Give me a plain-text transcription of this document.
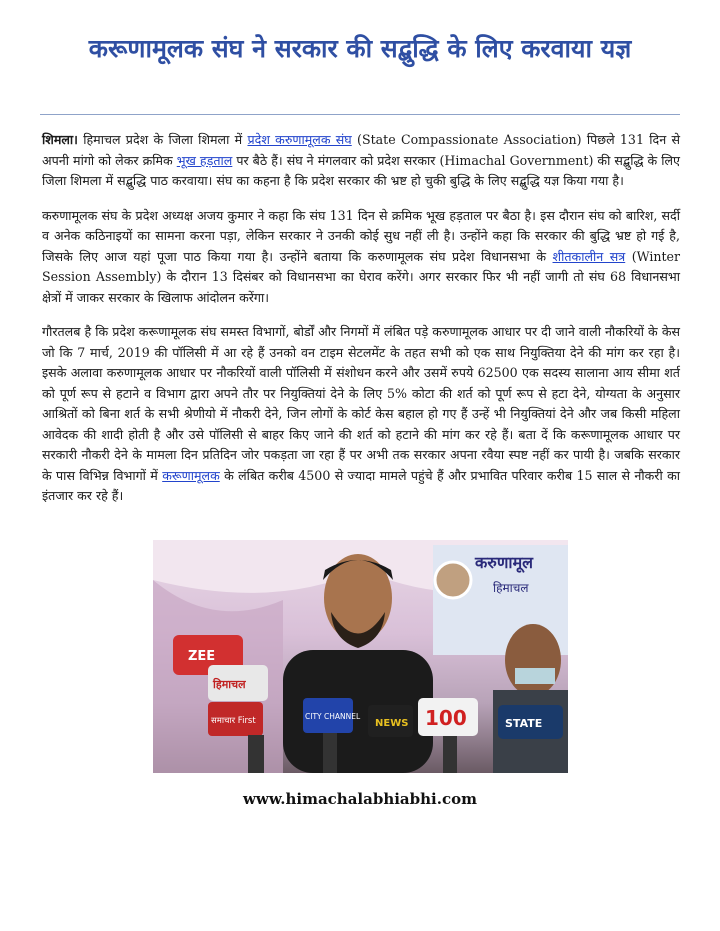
करूणामूलक संघ ने सरकार की सद्बुद्धि के लिए करवाया यज्ञ

शिमला। हिमाचल प्रदेश के जिला शिमला में प्रदेश करुणामूलक संघ (State Compassionate Association) पिछले 131 दिन से अपनी मांगो को लेकर क्रमिक भूख हड़ताल पर बैठे हैं। संघ ने मंगलवार को प्रदेश सरकार (Himachal Government) की सद्बुद्धि के लिए जिला शिमला में सद्बुद्धि पाठ करवाया। संघ का कहना है कि प्रदेश सरकार की भ्रष्ट हो चुकी बुद्धि के लिए सद्बुद्धि यज्ञ किया गया है।

करुणामूलक संघ के प्रदेश अध्यक्ष अजय कुमार ने कहा कि संघ 131 दिन से क्रमिक भूख हड़ताल पर बैठा है। इस दौरान संघ को बारिश, सर्दी व अनेक कठिनाइयों का सामना करना पड़ा, लेकिन सरकार ने उनकी कोई सुध नहीं ली है। उन्होंने कहा कि सरकार की बुद्धि भ्रष्ट हो गई है, जिसके लिए आज यहां पूजा पाठ किया गया है। उन्होंने बताया कि करुणामूलक संघ प्रदेश विधानसभा के शीतकालीन सत्र (Winter Session Assembly) के दौरान 13 दिसंबर को विधानसभा का घेराव करेंगे। अगर सरकार फिर भी नहीं जागी तो संघ 68 विधानसभा क्षेत्रों में जाकर सरकार के खिलाफ आंदोलन करेंगा।

गौरतलब है कि प्रदेश करूणामूलक संघ समस्त विभागों, बोर्डों और निगमों में लंबित पड़े करुणामूलक आधार पर दी जाने वाली नौकरियों के केस जो कि 7 मार्च, 2019 की पॉलिसी में आ रहे हैं उनको वन टाइम सेटलमेंट के तहत सभी को एक साथ नियुक्तिया देने की मांग कर रहा है। इसके अलावा करुणामूलक आधार पर नौकरियों वाली पॉलिसी में संशोधन करने और उसमें रुपये 62500 एक सदस्य सालाना आय सीमा शर्त को पूर्ण रूप से हटाने व विभाग द्वारा अपने तौर पर नियुक्तियां देने के लिए 5% कोटा की शर्त को पूर्ण रूप से हटा देने, योग्यता के अनुसार आश्रितों को बिना शर्त के सभी श्रेणीयो में नौकरी देने, जिन लोगों के कोर्ट केस बहाल हो गए हैं उन्हें भी नियुक्तियां देने और जब किसी महिला आवेदक की शादी होती है और उसे पॉलिसी से बाहर किए जाने की शर्त को हटाने की मांग कर रहे हैं। बता दें कि करूणामूलक आधार पर सरकारी नौकरी देने के मामला दिन प्रतिदिन जोर पकड़ता जा रहा हैं पर अभी तक सरकार अपना रवैया स्पष्ट नहीं कर पायी है। जबकि सरकार के पास विभिन्न विभागों में करूणामूलक के लंबित करीब 4500 से ज्यादा मामले पहुंचे हैं और प्रभावित परिवार करीब 15 साल से नौकरी का इंतजार कर रहे हैं।

करुणामूल
हिमाचल
ZEE
हिमाचल
समाचार First	CITY CHANNEL
NEWS 100	STATE
www.himachalabhiabhi.com
